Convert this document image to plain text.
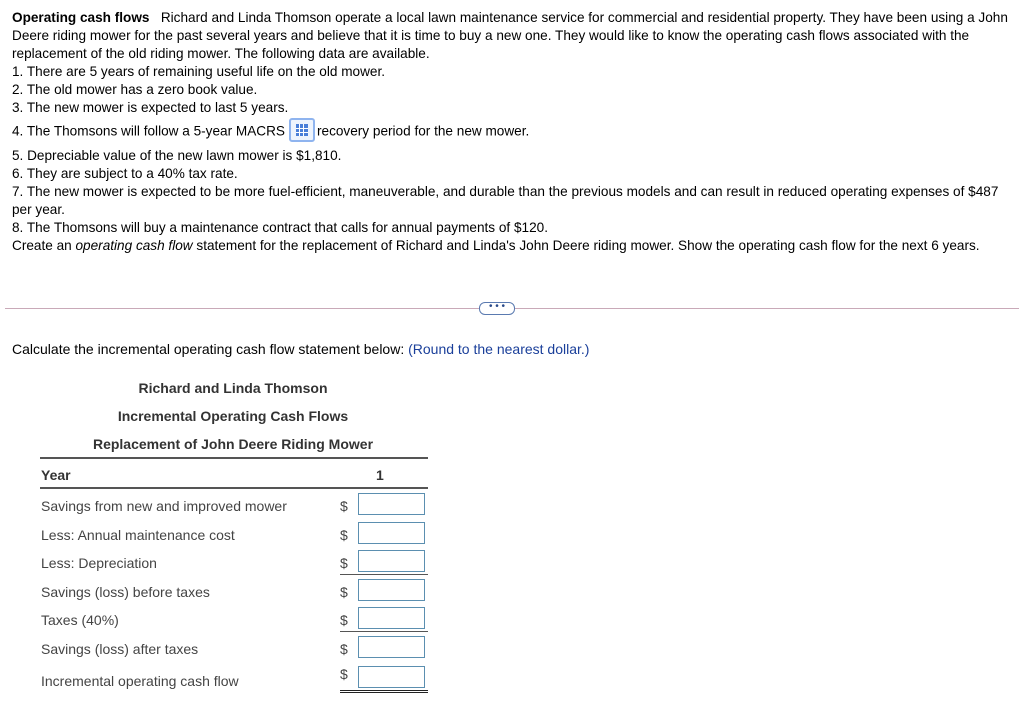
Operating cash flows Richard and Linda Thomson operate a local lawn maintenance service for commercial and residential property. They have been using a John Deere riding mower for the past several years and believe that it is time to buy a new one. They would like to know the operating cash flows associated with the replacement of the old riding mower. The following data are available.

1. There are 5 years of remaining useful life on the old mower.

2. The old mower has a zero book value.

3. The new mower is expected to last 5 years.

4. The Thomsons will follow a 5-year MACRS recovery period for the new mower.

5. Depreciable value of the new lawn mower is $1,810.

6. They are subject to a 40% tax rate.

7. The new mower is expected to be more fuel-efficient, maneuverable, and durable than the previous models and can result in reduced operating expenses of $487 per year.

8. The Thomsons will buy a maintenance contract that calls for annual payments of $120.

Create an operating cash flow statement for the replacement of Richard and Linda's John Deere riding mower. Show the operating cash flow for the next 6 years.

• • •
Calculate the incremental operating cash flow statement below: (Round to the nearest dollar.)
Richard and Linda Thomson
Incremental Operating Cash Flows
Replacement of John Deere Riding Mower
Year	1
Savings from new and improved mower	$
Less: Annual maintenance cost	$
Less: Depreciation	$
Savings (loss) before taxes	$
Taxes (40%)	$
Savings (loss) after taxes	$
Incremental operating cash flow	$
